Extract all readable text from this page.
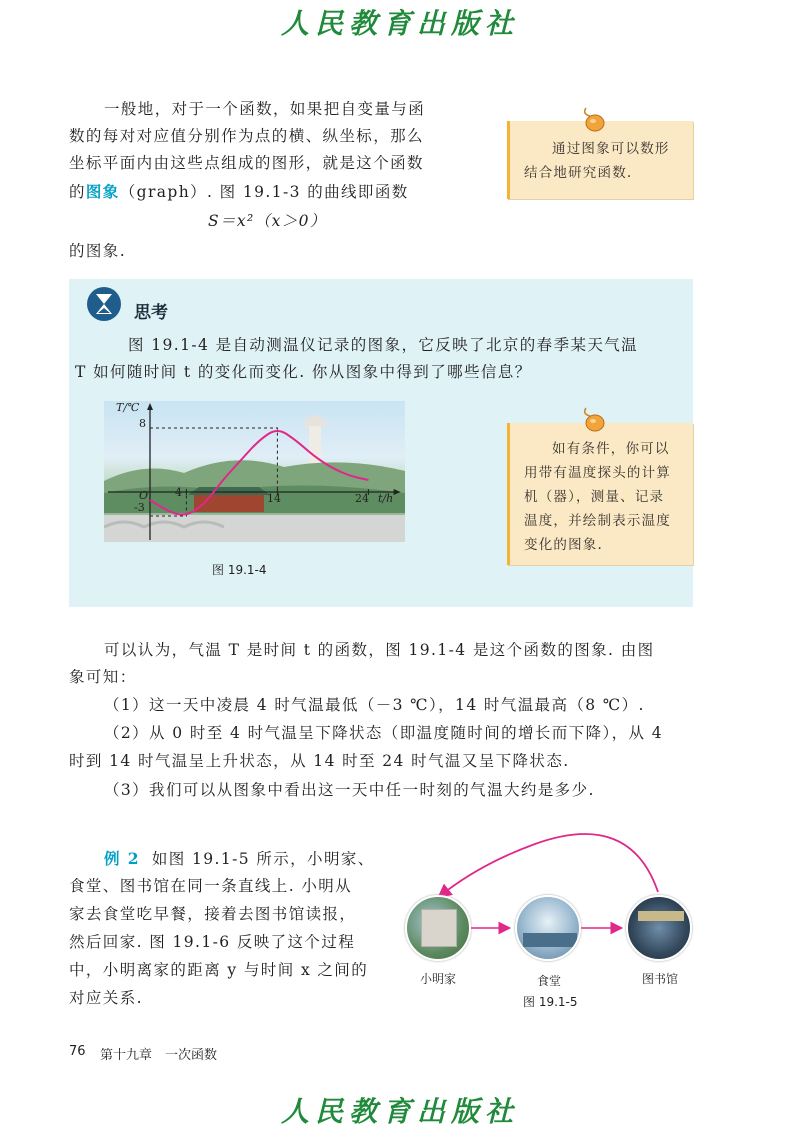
人民教育出版社
一般地，对于一个函数，如果把自变量与函
数的每对对应值分别作为点的横、纵坐标，那么
坐标平面内由这些点组成的图形，就是这个函数
的图象（graph）. 图 19.1-3 的曲线即函数
S＝x²（x＞0）
的图象.
通过图象可以数形
结合地研究函数.
思考
图 19.1-4 是自动测温仪记录的图象，它反映了北京的春季某天气温
T 如何随时间 t 的变化而变化. 你从图象中得到了哪些信息？
T/℃
t/h
O
8
-3
4	14	24
图 19.1-4
如有条件，你可以
用带有温度探头的计算
机（器），测量、记录
温度，并绘制表示温度
变化的图象.
可以认为，气温 T 是时间 t 的函数，图 19.1-4 是这个函数的图象. 由图
象可知：
（1）这一天中凌晨 4 时气温最低（－3 ℃），14 时气温最高（8 ℃）.
（2）从 0 时至 4 时气温呈下降状态（即温度随时间的增长而下降），从 4
时到 14 时气温呈上升状态，从 14 时至 24 时气温又呈下降状态.
（3）我们可以从图象中看出这一天中任一时刻的气温大约是多少.
例 2 如图 19.1-5 所示，小明家、
食堂、图书馆在同一条直线上. 小明从
家去食堂吃早餐，接着去图书馆读报，
然后回家. 图 19.1-6 反映了这个过程
中，小明离家的距离 y 与时间 x 之间的
对应关系.
小明家	食堂	图书馆
图 19.1-5
76 第十九章　一次函数
人民教育出版社
